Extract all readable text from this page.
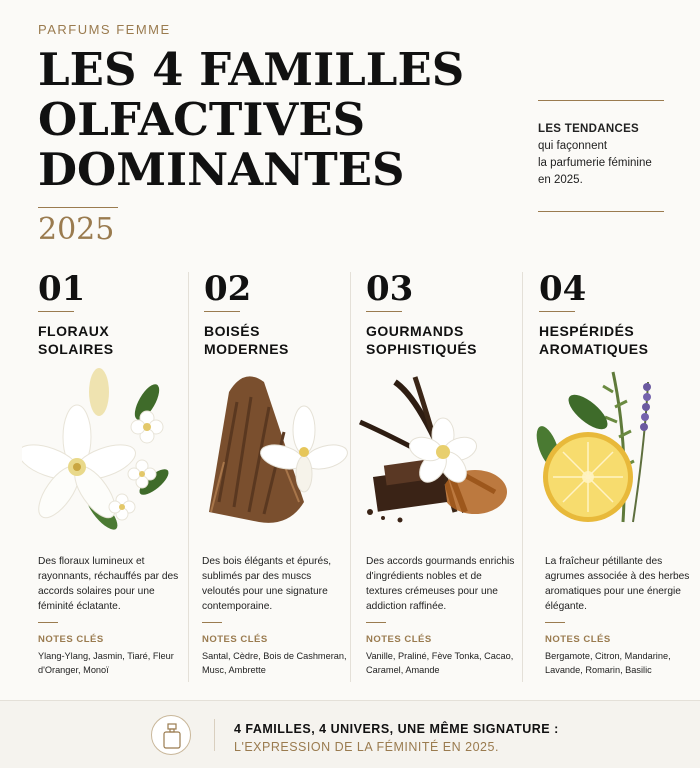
PARFUMS FEMME
LES 4 FAMILLES
OLFACTIVES
DOMINANTES
2025
LES TENDANCES
qui façonnent
la parfumerie féminine
en 2025.
01
FLORAUX
SOLAIRES
Des floraux lumineux et rayonnants, réchauffés par des accords solaires pour une féminité éclatante.
NOTES CLÉS
Ylang-Ylang, Jasmin, Tiaré, Fleur d'Oranger, Monoï
02
BOISÉS
MODERNES
Des bois élégants et épurés, sublimés par des muscs veloutés pour une signature contemporaine.
NOTES CLÉS
Santal, Cèdre, Bois de Cashmeran, Musc, Ambrette
03
GOURMANDS
SOPHISTIQUÉS
Des accords gourmands enrichis d'ingrédients nobles et de textures crémeuses pour une addiction raffinée.
NOTES CLÉS
Vanille, Praliné, Fève Tonka, Cacao, Caramel, Amande
04
HESPÉRIDÉS
AROMATIQUES
La fraîcheur pétillante des agrumes associée à des herbes aromatiques pour une énergie élégante.
NOTES CLÉS
Bergamote, Citron, Mandarine, Lavande, Romarin, Basilic
4 FAMILLES, 4 UNIVERS, UNE MÊME SIGNATURE :
L'EXPRESSION DE LA FÉMINITÉ EN 2025.
